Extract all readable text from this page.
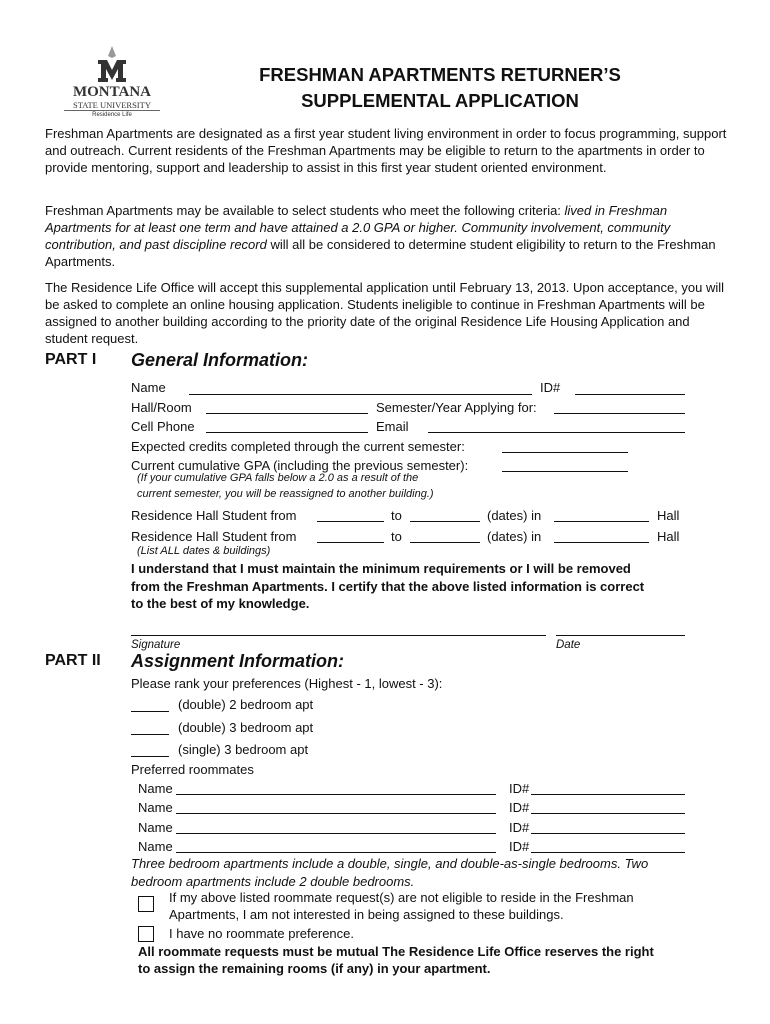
MONTANA
STATE UNIVERSITY
Residence Life
FRESHMAN APARTMENTS RETURNER’S
SUPPLEMENTAL APPLICATION
Freshman Apartments are designated as a first year student living environment in order to focus programming, support and outreach. Current residents of the Freshman Apartments may be eligible to return to the apartments in order to provide mentoring, support and leadership to assist in this first year student oriented environment.
Freshman Apartments may be available to select students who meet the following criteria: lived in Freshman Apartments for at least one term and have attained a 2.0 GPA or higher. Community involvement, community contribution, and past discipline record will all be considered to determine student eligibility to return to the Freshman Apartments.
The Residence Life Office will accept this supplemental application until February 13, 2013. Upon acceptance, you will be asked to complete an online housing application. Students ineligible to continue in Freshman Apartments will be assigned to another building according to the priority date of the original Residence Life Housing Application and student request.
PART I General Information:
Name	ID#
Hall/Room	Semester/Year Applying for:
Cell Phone	Email
Expected credits completed through the current semester:
Current cumulative GPA (including the previous semester):
(If your cumulative GPA falls below a 2.0 as a result of the
current semester, you will be reassigned to another building.)
Residence Hall Student from	to	(dates) in	Hall
Residence Hall Student from	to	(dates) in	Hall
(List ALL dates & buildings)
I understand that I must maintain the minimum requirements or I will be removed
from the Freshman Apartments. I certify that the above listed information is correct
to the best of my knowledge.
Signature	Date
PART II Assignment Information:
Please rank your preferences (Highest - 1, lowest - 3):
(double) 2 bedroom apt
(double) 3 bedroom apt
(single) 3 bedroom apt
Preferred roommates
Name	ID#
Name	ID#
Name	ID#
Name	ID#
Three bedroom apartments include a double, single, and double-as-single bedrooms. Two
bedroom apartments include 2 double bedrooms.
If my above listed roommate request(s) are not eligible to reside in the Freshman
Apartments, I am not interested in being assigned to these buildings.
I have no roommate preference.
All roommate requests must be mutual The Residence Life Office reserves the right
to assign the remaining rooms (if any) in your apartment.
